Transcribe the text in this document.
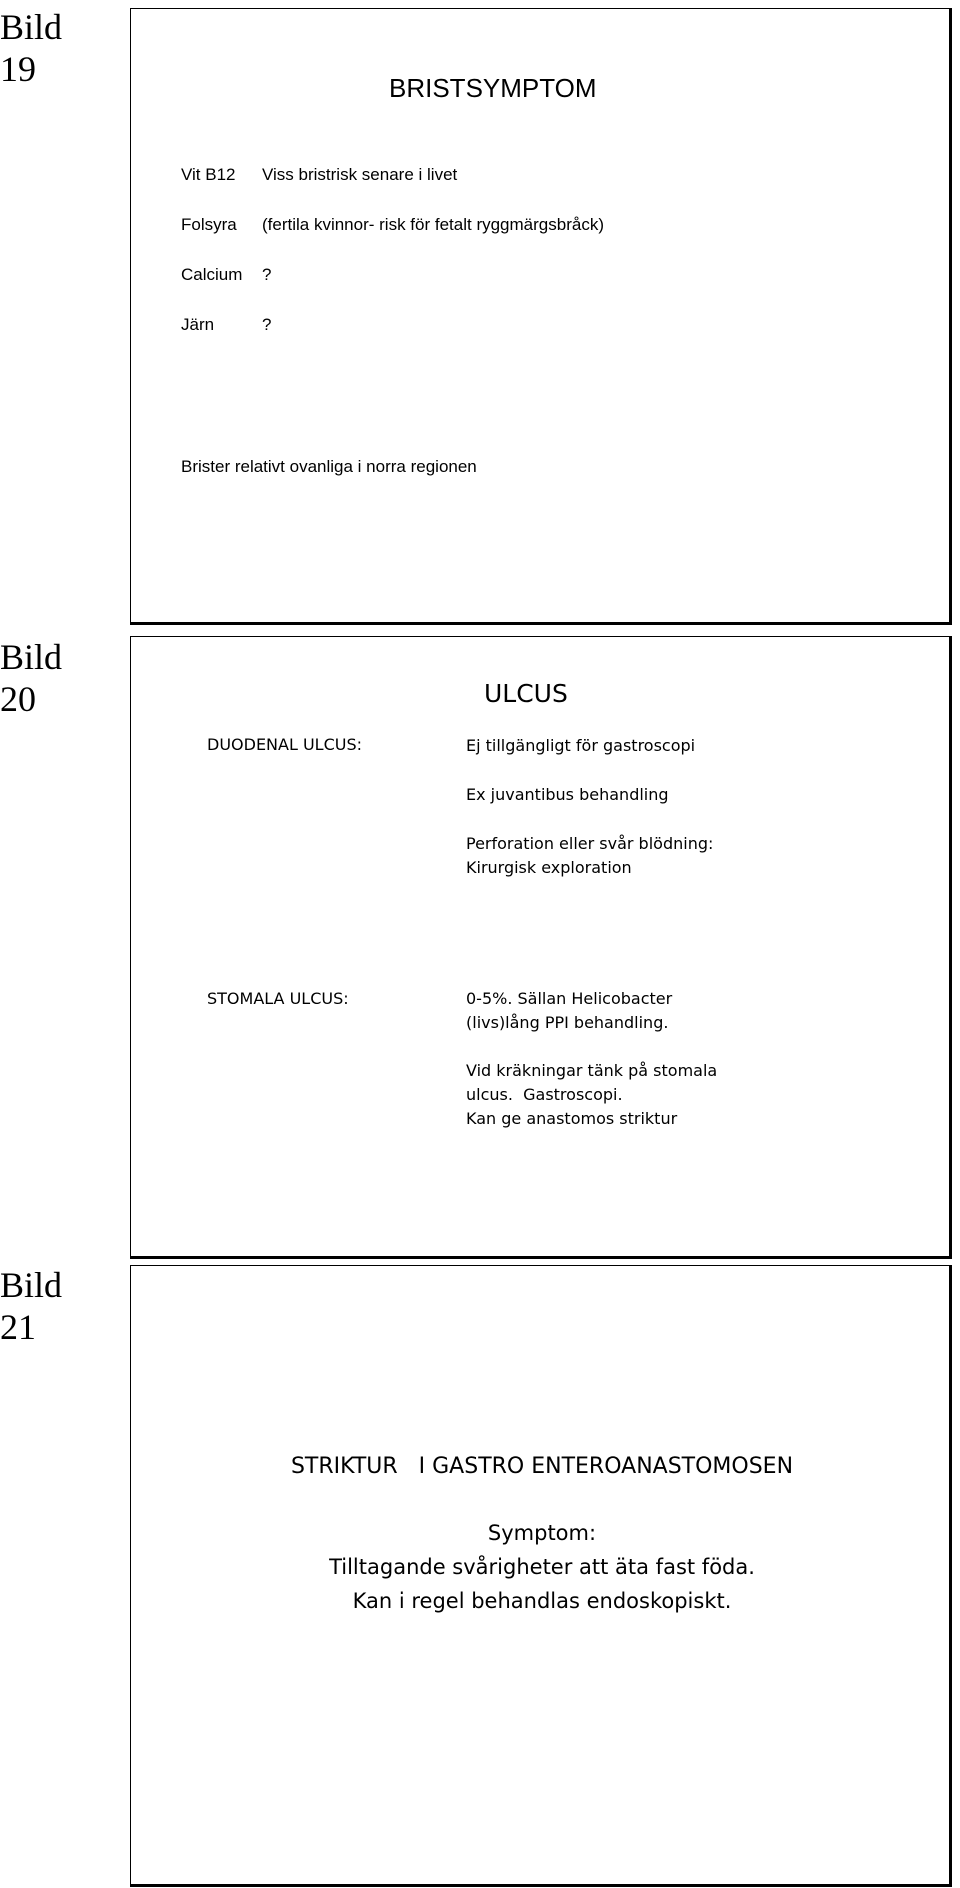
Bild
19	BRISTSYMPTOM
Vit B12 Viss bristrisk senare i livet
Folsyra (fertila kvinnor- risk för fetalt ryggmärgsbråck)
Calcium ?
Järn	?
Brister relativt ovanliga i norra regionen
Bild
20	ULCUS
DUODENAL ULCUS:	Ej tillgängligt för gastroscopi
Ex juvantibus behandling
Perforation eller svår blödning:
Kirurgisk exploration
STOMALA ULCUS:	0-5%. Sällan Helicobacter
(livs)lång PPI behandling.
Vid kräkningar tänk på stomala
ulcus.  Gastroscopi.
Kan ge anastomos striktur
Bild
21
STRIKTUR   I GASTRO ENTEROANASTOMOSEN
Symptom:
Tilltagande svårigheter att äta fast föda.
Kan i regel behandlas endoskopiskt.
